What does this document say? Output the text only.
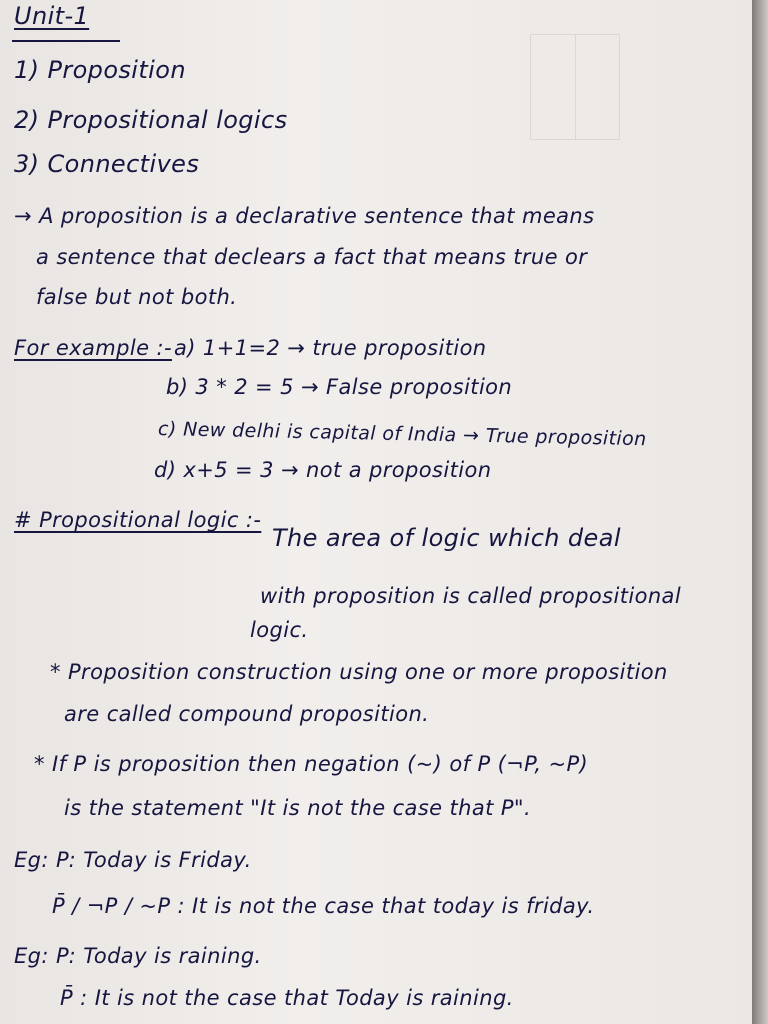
Unit-1
1) Proposition
2) Propositional logics
3) Connectives
→ A proposition is a declarative sentence that means
a sentence that declears a fact that means true or
false but not both.
For example :- a) 1+1=2 → true proposition
b) 3 * 2 = 5 → False proposition
c) New delhi is capital of India → True proposition
d) x+5 = 3 → not a proposition
# Propositional logic :-
The area of logic which deal
with proposition is called propositional
logic.
* Proposition construction using one or more proposition
are called compound proposition.
* If P is proposition then negation (~) of P (¬P, ~P)
is the statement "It is not the case that P".
Eg: P: Today is Friday.
P̄ / ¬P / ~P : It is not the case that today is friday.
Eg: P: Today is raining.
P̄ : It is not the case that Today is raining.
